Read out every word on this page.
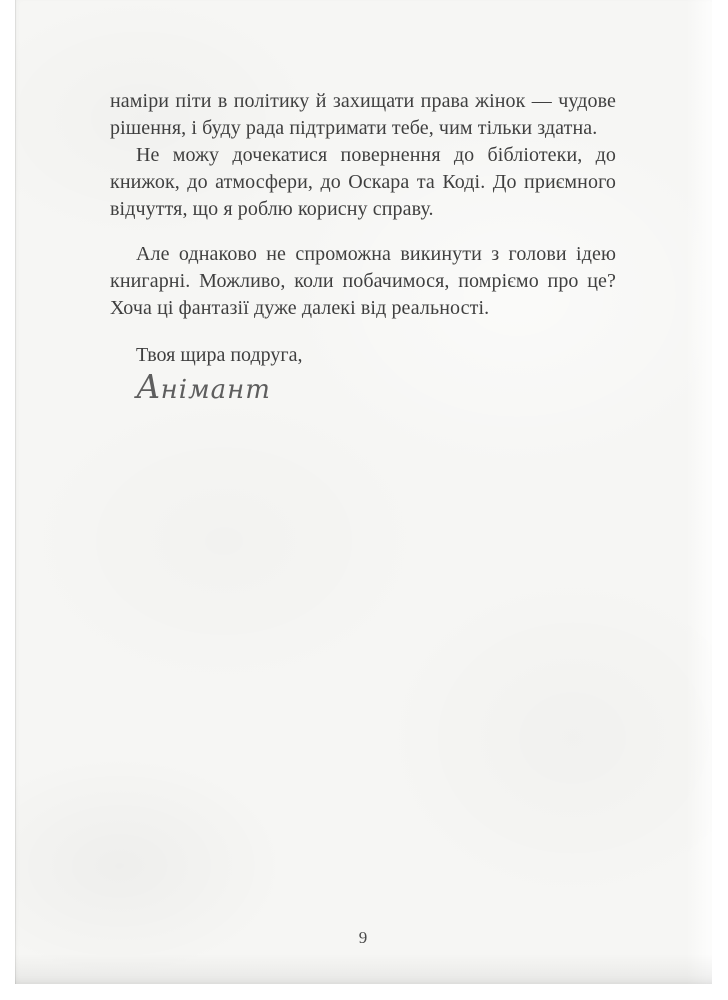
наміри піти в політику й захищати права жінок — чудове рішення, і буду рада підтримати тебе, чим тільки здатна.

Не можу дочекатися повернення до бібліотеки, до книжок, до атмосфери, до Оскара та Коді. До приємного відчуття, що я роблю корисну справу.

Але однаково не спроможна викинути з голови ідею книгарні. Можливо, коли побачимося, помріємо про це? Хоча ці фантазії дуже далекі від реальності.

Твоя щира подруга,

Анімант

9
